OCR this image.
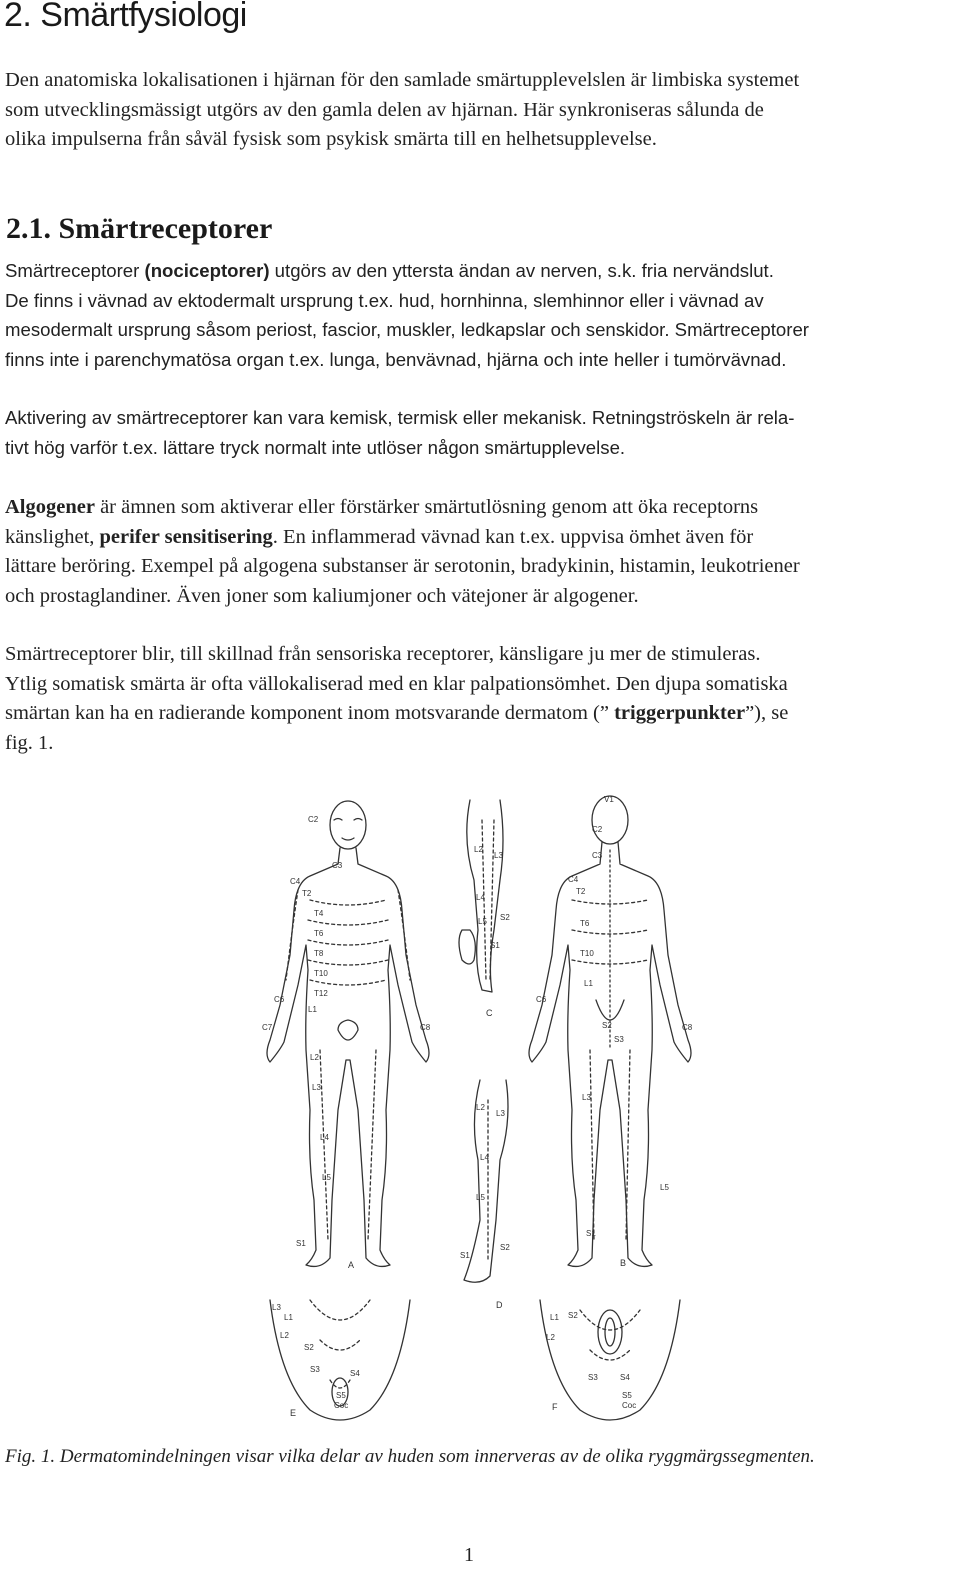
2. Smärtfysiologi

Den anatomiska lokalisationen i hjärnan för den samlade smärtupplevelslen är limbiska systemet
som utvecklingsmässigt utgörs av den gamla delen av hjärnan. Här synkroniseras sålunda de
olika impulserna från såväl fysisk som psykisk smärta till en helhetsupplevelse.

2.1. Smärtreceptorer

Smärtreceptorer (nociceptorer) utgörs av den yttersta ändan av nerven, s.k. fria nervändslut.
De finns i vävnad av ektodermalt ursprung t.ex. hud, hornhinna, slemhinnor eller i vävnad av
mesodermalt ursprung såsom periost, fascior, muskler, ledkapslar och senskidor. Smärtreceptorer
finns inte i parenchymatösa organ t.ex. lunga, benvävnad, hjärna och inte heller i tumörvävnad.

Aktivering av smärtreceptorer kan vara kemisk, termisk eller mekanisk. Retningströskeln är rela-
tivt hög varför t.ex. lättare tryck normalt inte utlöser någon smärtupplevelse.

Algogener är ämnen som aktiverar eller förstärker smärtutlösning genom att öka receptorns
känslighet, perifer sensitisering. En inflammerad vävnad kan t.ex. uppvisa ömhet även för
lättare beröring. Exempel på algogena substanser är serotonin, bradykinin, histamin, leukotriener
och prostaglandiner. Även joner som kaliumjoner och vätejoner är algogener.

Smärtreceptorer blir, till skillnad från sensoriska receptorer, känsligare ju mer de stimuleras.
Ytlig somatisk smärta är ofta vällokaliserad med en klar palpationsömhet. Den djupa somatiska
smärtan kan ha en radierande komponent inom motsvarande dermatom (” triggerpunkter”), se
fig. 1.

C2
C3
C4
T2
T4
T6
T8
T10
T12
L1
L2
L3
L4
L5
S1
C6
C7	C8
A
L2
L3
L4
L5
S1
S2
C
L2
L3
L4
L5
S1
S2
D
V1
C2
C3
C4
T2
T6
T10
L1
L3
L5
S1
S2
S3
C6
C8
B
L1
L2
L3
S2
S3	S4
S5
Coc
E
L1
L2
S2
S3	S4
S5
Coc
F

Fig. 1. Dermatomindelningen visar vilka delar av huden som innerveras av de olika ryggmärgssegmenten.

1
